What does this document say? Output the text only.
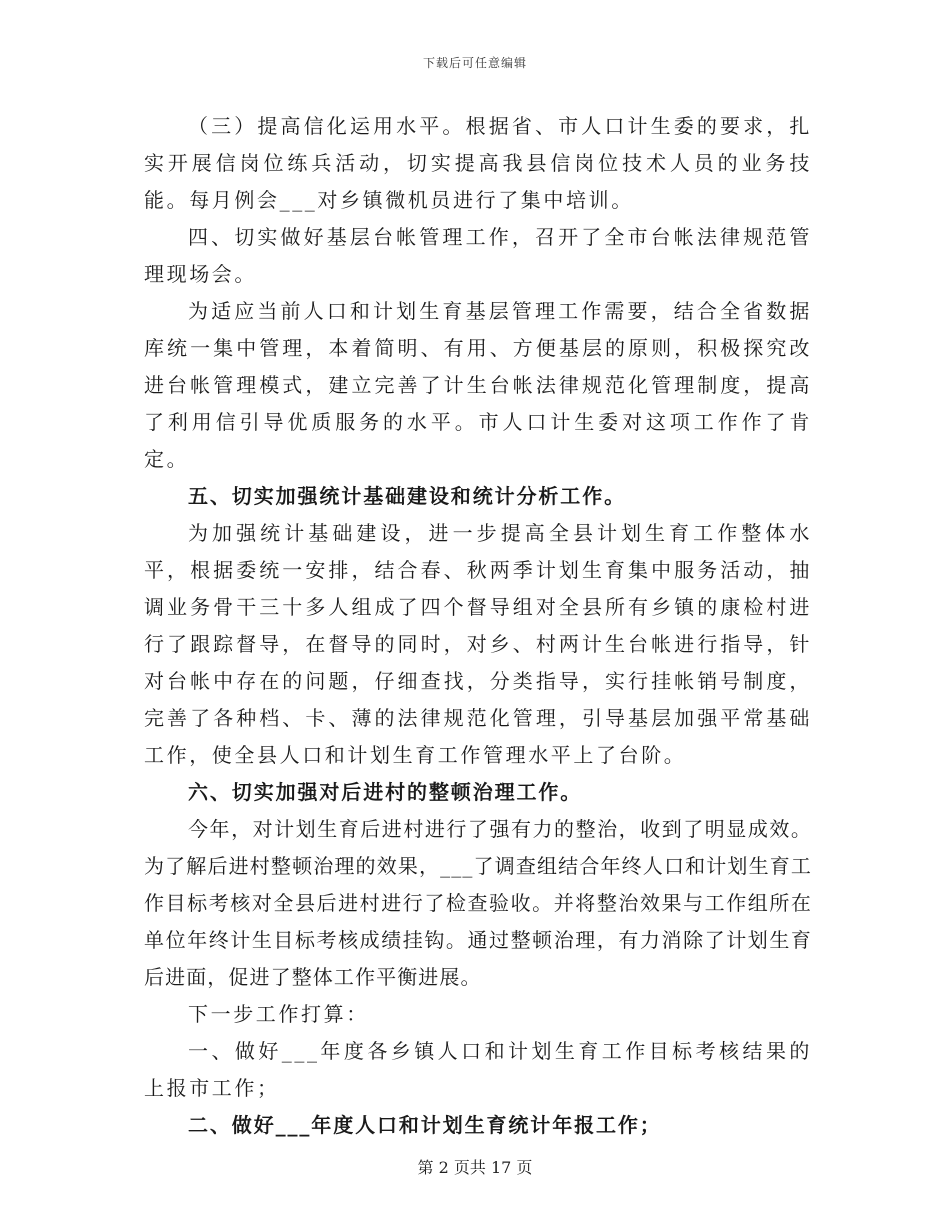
下载后可任意编辑

（三）提高信化运用水平。根据省、市人口计生委的要求，扎实开展信岗位练兵活动，切实提高我县信岗位技术人员的业务技能。每月例会___对乡镇微机员进行了集中培训。

四、切实做好基层台帐管理工作，召开了全市台帐法律规范管理现场会。

为适应当前人口和计划生育基层管理工作需要，结合全省数据库统一集中管理，本着简明、有用、方便基层的原则，积极探究改进台帐管理模式，建立完善了计生台帐法律规范化管理制度，提高了利用信引导优质服务的水平。市人口计生委对这项工作作了肯定。

五、切实加强统计基础建设和统计分析工作。

为加强统计基础建设，进一步提高全县计划生育工作整体水平，根据委统一安排，结合春、秋两季计划生育集中服务活动，抽调业务骨干三十多人组成了四个督导组对全县所有乡镇的康检村进行了跟踪督导，在督导的同时，对乡、村两计生台帐进行指导，针对台帐中存在的问题，仔细查找，分类指导，实行挂帐销号制度，完善了各种档、卡、薄的法律规范化管理，引导基层加强平常基础工作，使全县人口和计划生育工作管理水平上了台阶。

六、切实加强对后进村的整顿治理工作。

今年，对计划生育后进村进行了强有力的整治，收到了明显成效。为了解后进村整顿治理的效果，___了调查组结合年终人口和计划生育工作目标考核对全县后进村进行了检查验收。并将整治效果与工作组所在单位年终计生目标考核成绩挂钩。通过整顿治理，有力消除了计划生育后进面，促进了整体工作平衡进展。

下一步工作打算：

一、做好___年度各乡镇人口和计划生育工作目标考核结果的上报市工作；

二、做好___年度人口和计划生育统计年报工作；

第 2 页共 17 页
